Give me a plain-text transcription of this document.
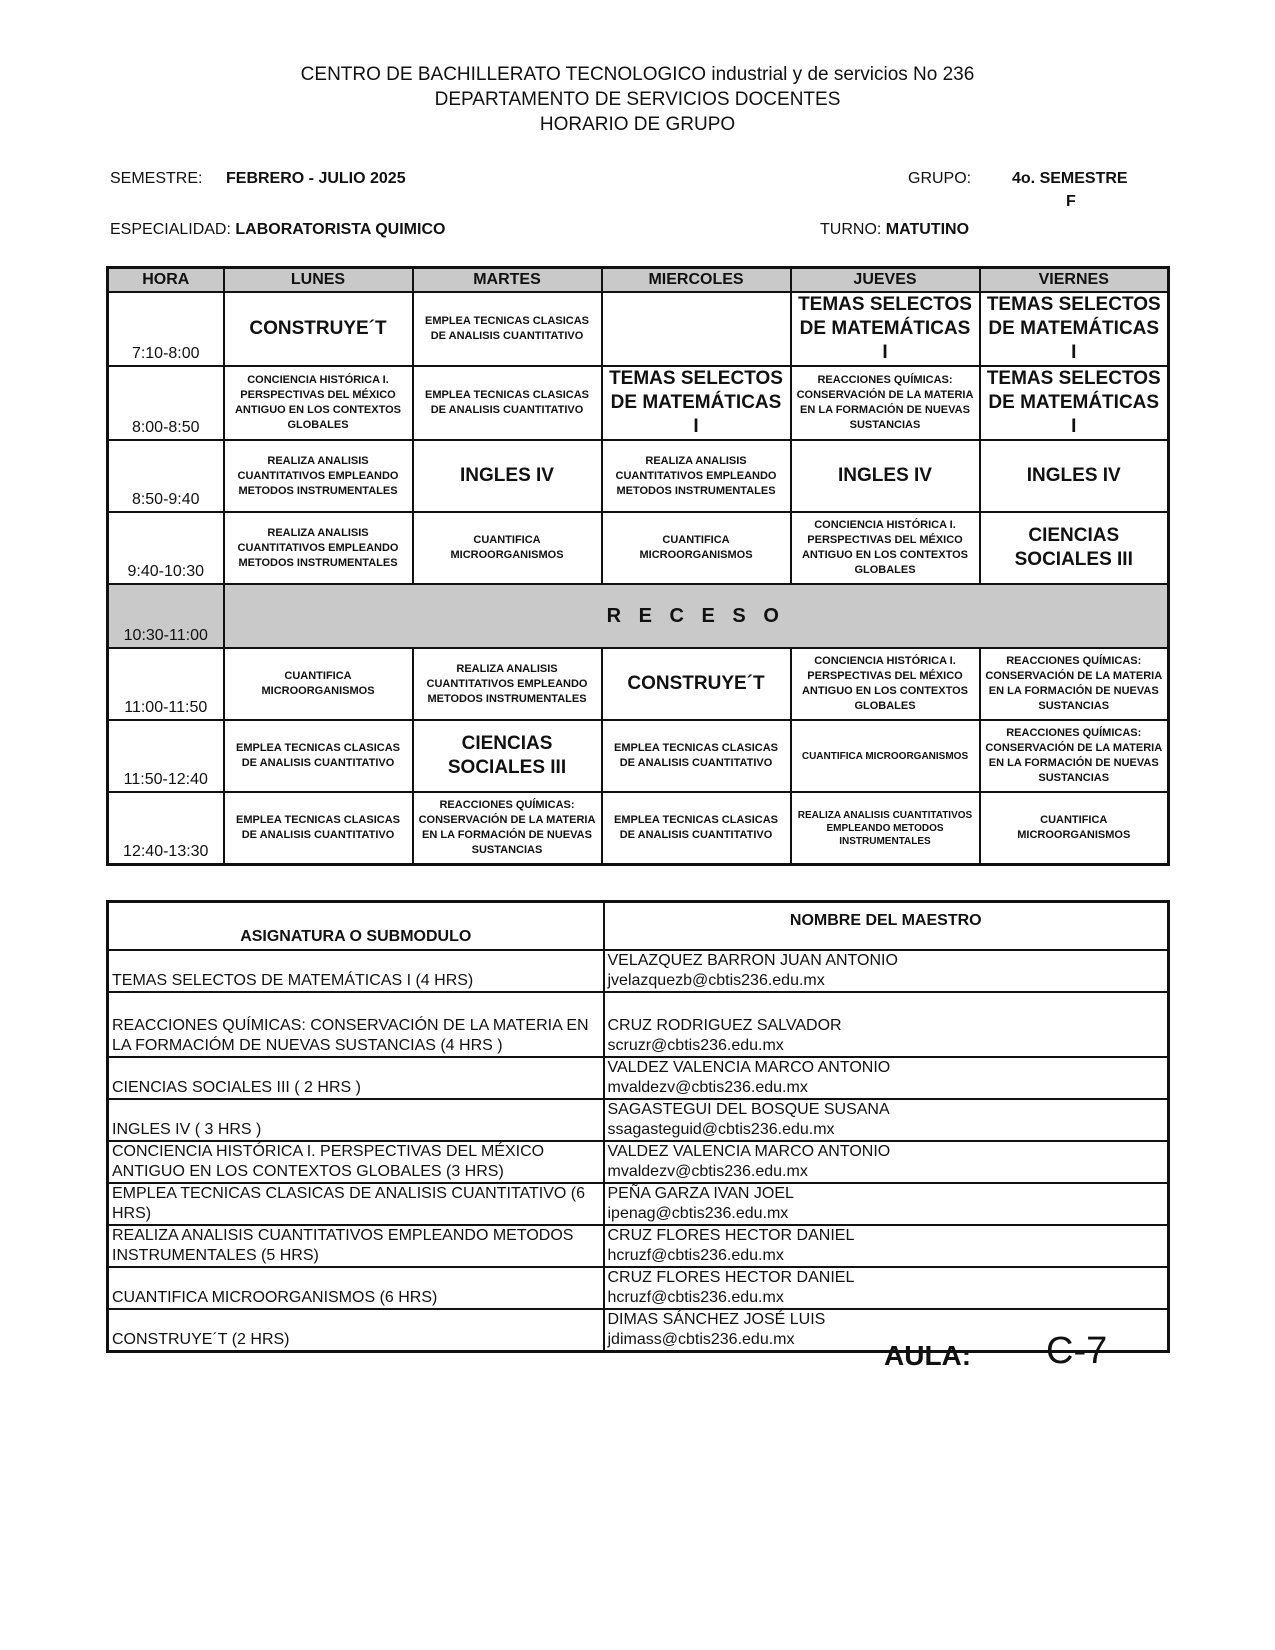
CENTRO DE BACHILLERATO TECNOLOGICO industrial y de servicios No 236
DEPARTAMENTO DE SERVICIOS DOCENTES
HORARIO DE GRUPO
SEMESTRE: FEBRERO - JULIO 2025	GRUPO:	4o. SEMESTRE
F
ESPECIALIDAD: LABORATORISTA QUIMICO	TURNO: MATUTINO
HORA	LUNES	MARTES	MIERCOLES	JUEVES	VIERNES
7:10-8:00	CONSTRUYE´T	EMPLEA TECNICAS CLASICAS DE ANALISIS CUANTITATIVO		TEMAS SELECTOS DE MATEMÁTICAS I	TEMAS SELECTOS DE MATEMÁTICAS I
8:00-8:50	CONCIENCIA HISTÓRICA I. PERSPECTIVAS DEL MÉXICO ANTIGUO EN LOS CONTEXTOS GLOBALES	EMPLEA TECNICAS CLASICAS DE ANALISIS CUANTITATIVO	TEMAS SELECTOS DE MATEMÁTICAS I	REACCIONES QUÍMICAS: CONSERVACIÓN DE LA MATERIA EN LA FORMACIÓN DE NUEVAS SUSTANCIAS	TEMAS SELECTOS DE MATEMÁTICAS I
8:50-9:40	REALIZA ANALISIS CUANTITATIVOS EMPLEANDO METODOS INSTRUMENTALES	INGLES IV	REALIZA ANALISIS CUANTITATIVOS EMPLEANDO METODOS INSTRUMENTALES	INGLES IV	INGLES IV
9:40-10:30	REALIZA ANALISIS CUANTITATIVOS EMPLEANDO METODOS INSTRUMENTALES	CUANTIFICA MICROORGANISMOS	CUANTIFICA MICROORGANISMOS	CONCIENCIA HISTÓRICA I. PERSPECTIVAS DEL MÉXICO ANTIGUO EN LOS CONTEXTOS GLOBALES	CIENCIAS SOCIALES III
10:30-11:00	R E C E S O				
11:00-11:50	CUANTIFICA MICROORGANISMOS	REALIZA ANALISIS CUANTITATIVOS EMPLEANDO METODOS INSTRUMENTALES	CONSTRUYE´T	CONCIENCIA HISTÓRICA I. PERSPECTIVAS DEL MÉXICO ANTIGUO EN LOS CONTEXTOS GLOBALES	REACCIONES QUÍMICAS: CONSERVACIÓN DE LA MATERIA EN LA FORMACIÓN DE NUEVAS SUSTANCIAS
11:50-12:40	EMPLEA TECNICAS CLASICAS DE ANALISIS CUANTITATIVO	CIENCIAS SOCIALES III	EMPLEA TECNICAS CLASICAS DE ANALISIS CUANTITATIVO	CUANTIFICA MICROORGANISMOS	REACCIONES QUÍMICAS: CONSERVACIÓN DE LA MATERIA EN LA FORMACIÓN DE NUEVAS SUSTANCIAS
12:40-13:30	EMPLEA TECNICAS CLASICAS DE ANALISIS CUANTITATIVO	REACCIONES QUÍMICAS: CONSERVACIÓN DE LA MATERIA EN LA FORMACIÓN DE NUEVAS SUSTANCIAS	EMPLEA TECNICAS CLASICAS DE ANALISIS CUANTITATIVO	REALIZA ANALISIS CUANTITATIVOS EMPLEANDO METODOS INSTRUMENTALES	CUANTIFICA MICROORGANISMOS
ASIGNATURA O SUBMODULO	NOMBRE DEL MAESTRO
TEMAS SELECTOS DE MATEMÁTICAS I (4 HRS)	VELAZQUEZ BARRON JUAN ANTONIO
jvelazquezb@cbtis236.edu.mx

REACCIONES QUÍMICAS: CONSERVACIÓN DE LA MATERIA EN LA FORMACIÓM DE NUEVAS SUSTANCIAS (4 HRS )	CRUZ RODRIGUEZ SALVADOR
scruzr@cbtis236.edu.mx

CIENCIAS SOCIALES III ( 2 HRS )	VALDEZ VALENCIA MARCO ANTONIO
mvaldezv@cbtis236.edu.mx

INGLES IV ( 3 HRS )	SAGASTEGUI DEL BOSQUE SUSANA
ssagasteguid@cbtis236.edu.mx

CONCIENCIA HISTÓRICA I. PERSPECTIVAS DEL MÉXICO ANTIGUO EN LOS CONTEXTOS GLOBALES (3 HRS)	VALDEZ VALENCIA MARCO ANTONIO
mvaldezv@cbtis236.edu.mx

EMPLEA TECNICAS CLASICAS DE ANALISIS CUANTITATIVO (6 HRS)	PEÑA GARZA IVAN JOEL
ipenag@cbtis236.edu.mx

REALIZA ANALISIS CUANTITATIVOS EMPLEANDO METODOS INSTRUMENTALES (5 HRS)	CRUZ FLORES HECTOR DANIEL
hcruzf@cbtis236.edu.mx

CUANTIFICA MICROORGANISMOS (6 HRS)	CRUZ FLORES HECTOR DANIEL
hcruzf@cbtis236.edu.mx

CONSTRUYE´T (2 HRS)	DIMAS SÁNCHEZ JOSÉ LUIS
jdimass@cbtis236.edu.mx
AULA: C-7
